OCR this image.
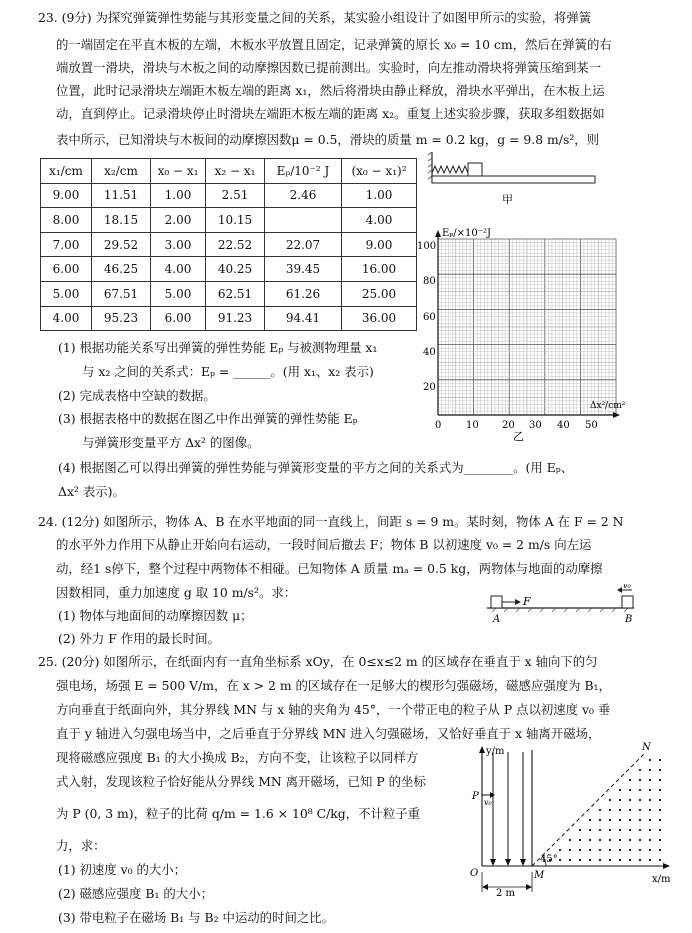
23. (9分) 为探究弹簧弹性势能与其形变量之间的关系，某实验小组设计了如图甲所示的实验，将弹簧
的一端固定在平直木板的左端，木板水平放置且固定，记录弹簧的原长 x₀ = 10 cm，然后在弹簧的右
端放置一滑块，滑块与木板之间的动摩擦因数已提前测出。实验时，向左推动滑块将弹簧压缩到某一
位置，此时记录滑块左端距木板左端的距离 x₁，然后将滑块由静止释放，滑块水平弹出，在木板上运
动，直到停止。记录滑块停止时滑块左端距木板左端的距离 x₂。重复上述实验步骤，获取多组数据如
表中所示，已知滑块与木板间的动摩擦因数μ = 0.5，滑块的质量 m = 0.2 kg，g = 9.8 m/s²，则
x₁/cm	x₂/cm	x₀ − x₁	x₂ − x₁	Eₚ/10⁻² J	(x₀ − x₁)²
9.00	11.51	1.00	2.51	2.46	1.00
8.00	18.15	2.00	10.15		4.00
7.00	29.52	3.00	22.52	22.07	9.00
6.00	46.25	4.00	40.25	39.45	16.00
5.00	67.51	5.00	62.51	61.26	25.00
4.00	95.23	6.00	91.23	94.41	36.00
甲
Eₚ/×10⁻²J
Δx²/cm²
100
80
60
40
20
0 10 20 30 40 50
乙
(1) 根据功能关系写出弹簧的弹性势能 Eₚ 与被测物理量 x₁
与 x₂ 之间的关系式：Eₚ = ______。(用 x₁、x₂ 表示)
(2) 完成表格中空缺的数据。
(3) 根据表格中的数据在图乙中作出弹簧的弹性势能 Eₚ
与弹簧形变量平方 Δx² 的图像。
(4) 根据图乙可以得出弹簧的弹性势能与弹簧形变量的平方之间的关系式为________。(用 Eₚ、
Δx² 表示)。
24. (12分) 如图所示，物体 A、B 在水平地面的同一直线上，间距 s = 9 m。某时刻，物体 A 在 F = 2 N
的水平外力作用下从静止开始向右运动，一段时间后撤去 F；物体 B 以初速度 v₀ = 2 m/s 向左运
动，经1 s停下，整个过程中两物体不相碰。已知物体 A 质量 mₐ = 0.5 kg，两物体与地面的动摩擦
因数相同，重力加速度 g 取 10 m/s²。求：
(1) 物体与地面间的动摩擦因数 μ；
(2) 外力 F 作用的最长时间。
F
v₀
A	B
25. (20分) 如图所示，在纸面内有一直角坐标系 xOy，在 0≤x≤2 m 的区域存在垂直于 x 轴向下的匀
强电场，场强 E = 500 V/m，在 x > 2 m 的区域存在一足够大的楔形匀强磁场，磁感应强度为 B₁，
方向垂直于纸面向外，其分界线 MN 与 x 轴的夹角为 45°，一个带正电的粒子从 P 点以初速度 v₀ 垂
直于 y 轴进入匀强电场当中，之后垂直于分界线 MN 进入匀强磁场，又恰好垂直于 x 轴离开磁场，
现将磁感应强度 B₁ 的大小换成 B₂，方向不变，让该粒子以同样方
式入射，发现该粒子恰好能从分界线 MN 离开磁场，已知 P 的坐标
为 P (0, 3 m)，粒子的比荷 q/m = 1.6 × 10⁸ C/kg，不计粒子重
力，求：
(1) 初速度 v₀ 的大小；
(2) 磁感应强度 B₁ 的大小；
(3) 带电粒子在磁场 B₁ 与 B₂ 中运动的时间之比。
y/m
x/m
45°
P
v₀
O	M
N
2 m
